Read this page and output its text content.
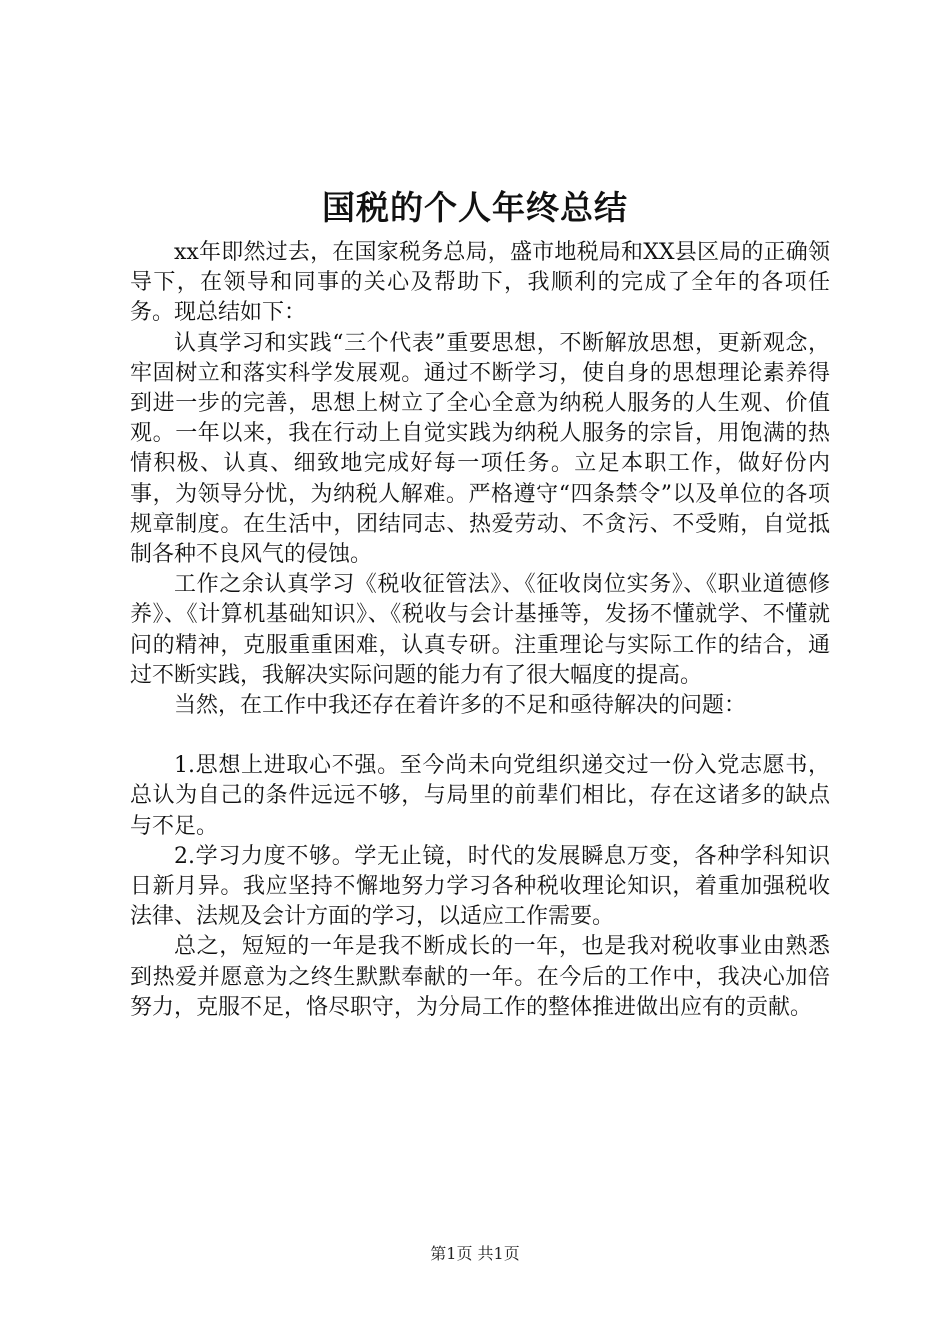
国税的个人年终总结

xx年即然过去，在国家税务总局，盛市地税局和XX县区局的正确领导下，在领导和同事的关心及帮助下，我顺利的完成了全年的各项任务。现总结如下：

认真学习和实践“三个代表”重要思想，不断解放思想，更新观念，牢固树立和落实科学发展观。通过不断学习，使自身的思想理论素养得到进一步的完善，思想上树立了全心全意为纳税人服务的人生观、价值观。一年以来，我在行动上自觉实践为纳税人服务的宗旨，用饱满的热情积极、认真、细致地完成好每一项任务。立足本职工作，做好份内事，为领导分忧，为纳税人解难。严格遵守“四条禁令”以及单位的各项规章制度。在生活中，团结同志、热爱劳动、不贪污、不受贿，自觉抵制各种不良风气的侵蚀。

工作之余认真学习《税收征管法》、《征收岗位实务》、《职业道德修养》、《计算机基础知识》、《税收与会计基捶等，发扬不懂就学、不懂就问的精神，克服重重困难，认真专研。注重理论与实际工作的结合，通过不断实践，我解决实际问题的能力有了很大幅度的提高。

当然，在工作中我还存在着许多的不足和亟待解决的问题：

1.思想上进取心不强。至今尚未向党组织递交过一份入党志愿书，总认为自己的条件远远不够，与局里的前辈们相比，存在这诸多的缺点与不足。

2.学习力度不够。学无止镜，时代的发展瞬息万变，各种学科知识日新月异。我应坚持不懈地努力学习各种税收理论知识，着重加强税收法律、法规及会计方面的学习，以适应工作需要。

总之，短短的一年是我不断成长的一年，也是我对税收事业由熟悉到热爱并愿意为之终生默默奉献的一年。在今后的工作中，我决心加倍努力，克服不足，恪尽职守，为分局工作的整体推进做出应有的贡献。

第1页 共1页
